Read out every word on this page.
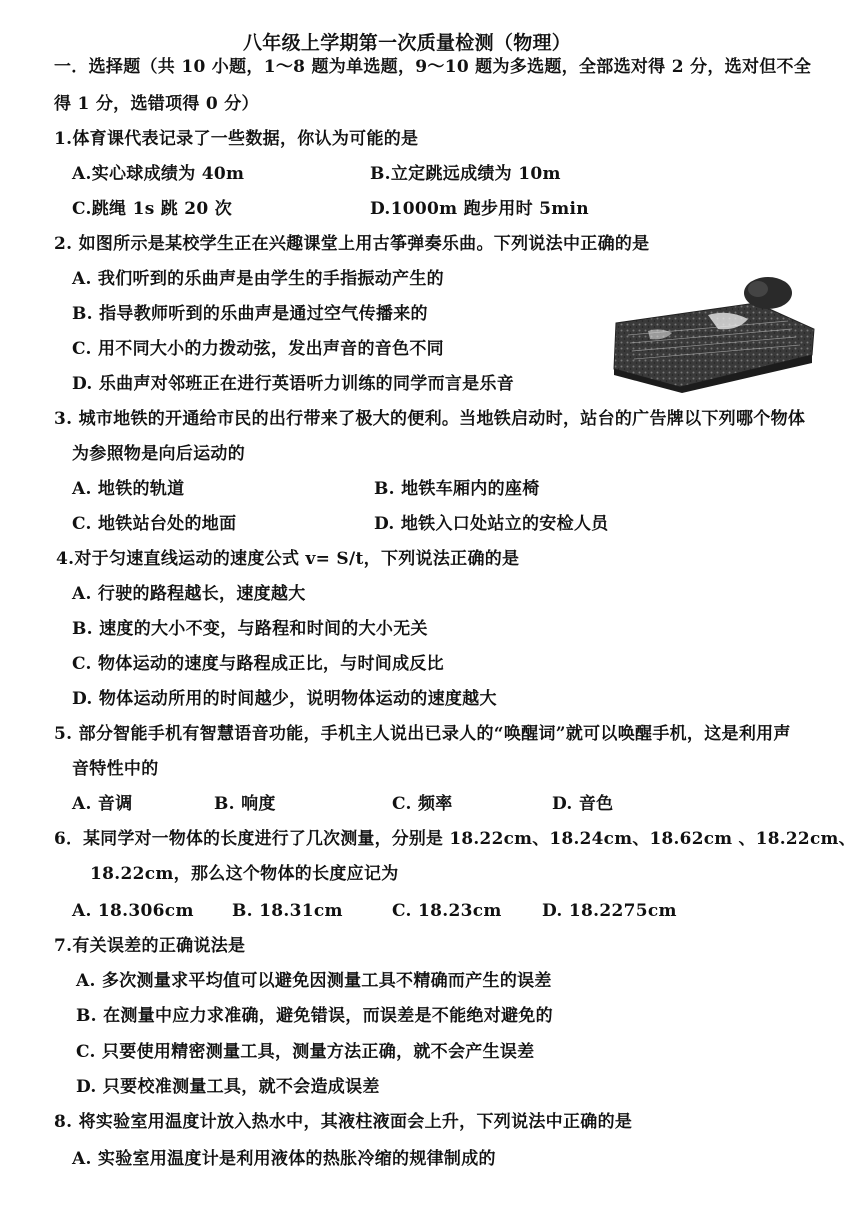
八年级上学期第一次质量检测（物理）
一．选择题（共 10 小题，1～8 题为单选题，9～10 题为多选题，全部选对得 2 分，选对但不全
得 1 分，选错项得 0 分）
1.体育课代表记录了一些数据，你认为可能的是
A.实心球成绩为 40m	B.立定跳远成绩为 10m
C.跳绳 1s 跳 20 次	D.1000m 跑步用时 5min
2. 如图所示是某校学生正在兴趣课堂上用古筝弹奏乐曲。下列说法中正确的是
A. 我们听到的乐曲声是由学生的手指振动产生的
B. 指导教师听到的乐曲声是通过空气传播来的
C. 用不同大小的力拨动弦，发出声音的音色不同
D. 乐曲声对邻班正在进行英语听力训练的同学而言是乐音
3. 城市地铁的开通给市民的出行带来了极大的便利。当地铁启动时，站台的广告牌以下列哪个物体
为参照物是向后运动的
A. 地铁的轨道	B. 地铁车厢内的座椅
C. 地铁站台处的地面	D. 地铁入口处站立的安检人员
4.对于匀速直线运动的速度公式 v= S/t，下列说法正确的是
A. 行驶的路程越长，速度越大
B. 速度的大小不变，与路程和时间的大小无关
C. 物体运动的速度与路程成正比，与时间成反比
D. 物体运动所用的时间越少，说明物体运动的速度越大
5. 部分智能手机有智慧语音功能，手机主人说出已录人的“唤醒词”就可以唤醒手机，这是利用声
音特性中的
A. 音调	B. 响度	C. 频率	D. 音色
6．某同学对一物体的长度进行了几次测量，分别是 18.22cm、18.24cm、18.62cm 、18.22cm、
18.22cm，那么这个物体的长度应记为
A. 18.306cm B. 18.31cm	C. 18.23cm D. 18.2275cm
7.有关误差的正确说法是
A. 多次测量求平均值可以避免因测量工具不精确而产生的误差
B. 在测量中应力求准确，避免错误，而误差是不能绝对避免的
C. 只要使用精密测量工具，测量方法正确，就不会产生误差
D. 只要校准测量工具，就不会造成误差
8. 将实验室用温度计放入热水中，其液柱液面会上升，下列说法中正确的是
A. 实验室用温度计是利用液体的热胀冷缩的规律制成的
